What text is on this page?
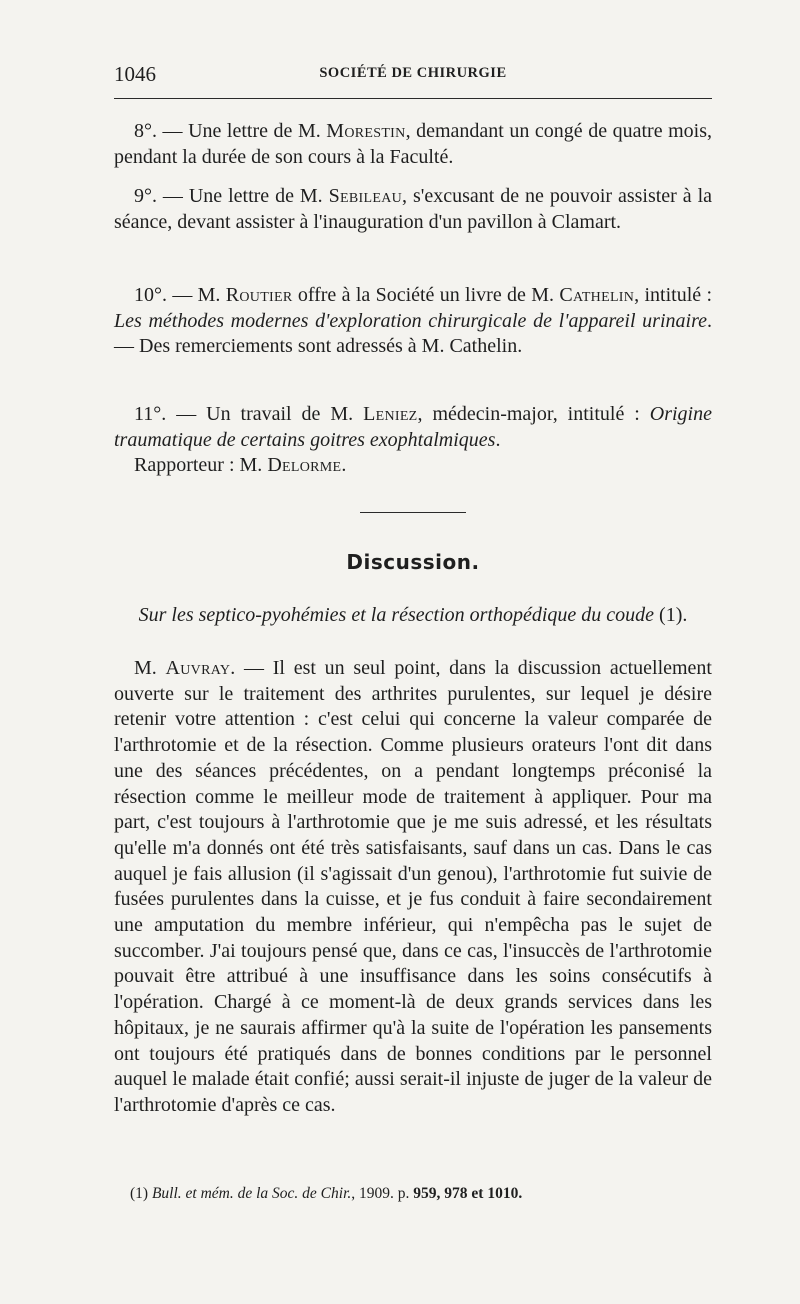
1046	SOCIÉTÉ DE CHIRURGIE

8°. — Une lettre de M. Morestin, demandant un congé de quatre mois, pendant la durée de son cours à la Faculté.

9°. — Une lettre de M. Sebileau, s'excusant de ne pouvoir assister à la séance, devant assister à l'inauguration d'un pavillon à Clamart.

10°. — M. Routier offre à la Société un livre de M. Cathelin, intitulé : Les méthodes modernes d'exploration chirurgicale de l'appareil urinaire. — Des remerciements sont adressés à M. Cathelin.

11°. — Un travail de M. Leniez, médecin-major, intitulé : Origine traumatique de certains goitres exophtalmiques.
Rapporteur : M. Delorme.

Discussion.
Sur les septico-pyohémies et la résection orthopédique du coude (1).

M. Auvray. — Il est un seul point, dans la discussion actuellement ouverte sur le traitement des arthrites purulentes, sur lequel je désire retenir votre attention : c'est celui qui concerne la valeur comparée de l'arthrotomie et de la résection. Comme plusieurs orateurs l'ont dit dans une des séances précédentes, on a pendant longtemps préconisé la résection comme le meilleur mode de traitement à appliquer. Pour ma part, c'est toujours à l'arthrotomie que je me suis adressé, et les résultats qu'elle m'a donnés ont été très satisfaisants, sauf dans un cas. Dans le cas auquel je fais allusion (il s'agissait d'un genou), l'arthrotomie fut suivie de fusées purulentes dans la cuisse, et je fus conduit à faire secondairement une amputation du membre inférieur, qui n'empêcha pas le sujet de succomber. J'ai toujours pensé que, dans ce cas, l'insuccès de l'arthrotomie pouvait être attribué à une insuffisance dans les soins consécutifs à l'opération. Chargé à ce moment-là de deux grands services dans les hôpitaux, je ne saurais affirmer qu'à la suite de l'opération les pansements ont toujours été pratiqués dans de bonnes conditions par le personnel auquel le malade était confié; aussi serait-il injuste de juger de la valeur de l'arthrotomie d'après ce cas.

(1) Bull. et mém. de la Soc. de Chir., 1909. p. 959, 978 et 1010.
